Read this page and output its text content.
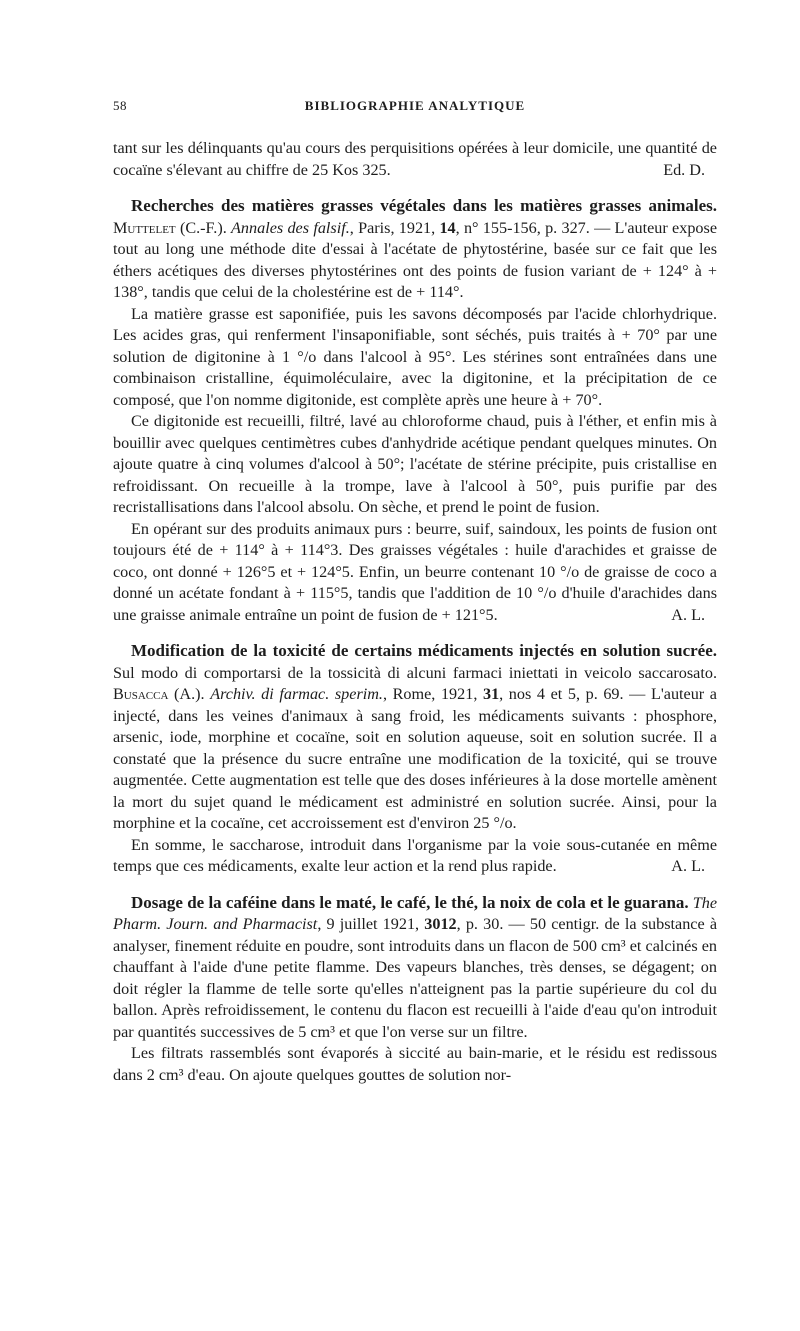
58	BIBLIOGRAPHIE ANALYTIQUE

tant sur les délinquants qu'au cours des perquisitions opérées à leur domicile, une quantité de cocaïne s'élevant au chiffre de 25 Kos 325.	Ed. D.

Recherches des matières grasses végétales dans les matières grasses animales. Muttelet (C.-F.). Annales des falsif., Paris, 1921, 14, n° 155-156, p. 327. — L'auteur expose tout au long une méthode dite d'essai à l'acétate de phytostérine, basée sur ce fait que les éthers acétiques des diverses phytostérines ont des points de fusion variant de + 124° à + 138°, tandis que celui de la cholestérine est de + 114°.

La matière grasse est saponifiée, puis les savons décomposés par l'acide chlorhydrique. Les acides gras, qui renferment l'insaponifiable, sont séchés, puis traités à + 70° par une solution de digitonine à 1 °/o dans l'alcool à 95°. Les stérines sont entraînées dans une combinaison cristalline, équimoléculaire, avec la digitonine, et la précipitation de ce composé, que l'on nomme digitonide, est complète après une heure à + 70°.

Ce digitonide est recueilli, filtré, lavé au chloroforme chaud, puis à l'éther, et enfin mis à bouillir avec quelques centimètres cubes d'anhydride acétique pendant quelques minutes. On ajoute quatre à cinq volumes d'alcool à 50°; l'acétate de stérine précipite, puis cristallise en refroidissant. On recueille à la trompe, lave à l'alcool à 50°, puis purifie par des recristallisations dans l'alcool absolu. On sèche, et prend le point de fusion.

En opérant sur des produits animaux purs : beurre, suif, saindoux, les points de fusion ont toujours été de + 114° à + 114°3. Des graisses végétales : huile d'arachides et graisse de coco, ont donné + 126°5 et + 124°5. Enfin, un beurre contenant 10 °/o de graisse de coco a donné un acétate fondant à + 115°5, tandis que l'addition de 10 °/o d'huile d'arachides dans une graisse animale entraîne un point de fusion de + 121°5.	A. L.

Modification de la toxicité de certains médicaments injectés en solution sucrée. Sul modo di comportarsi de la tossicità di alcuni farmaci iniettati in veicolo saccarosato. Busacca (A.). Archiv. di farmac. sperim., Rome, 1921, 31, nos 4 et 5, p. 69. — L'auteur a injecté, dans les veines d'animaux à sang froid, les médicaments suivants : phosphore, arsenic, iode, morphine et cocaïne, soit en solution aqueuse, soit en solution sucrée. Il a constaté que la présence du sucre entraîne une modification de la toxicité, qui se trouve augmentée. Cette augmentation est telle que des doses inférieures à la dose mortelle amènent la mort du sujet quand le médicament est administré en solution sucrée. Ainsi, pour la morphine et la cocaïne, cet accroissement est d'environ 25 °/o.

En somme, le saccharose, introduit dans l'organisme par la voie sous-cutanée en même temps que ces médicaments, exalte leur action et la rend plus rapide.	A. L.

Dosage de la caféine dans le maté, le café, le thé, la noix de cola et le guarana. The Pharm. Journ. and Pharmacist, 9 juillet 1921, 3012, p. 30. — 50 centigr. de la substance à analyser, finement réduite en poudre, sont introduits dans un flacon de 500 cm³ et calcinés en chauffant à l'aide d'une petite flamme. Des vapeurs blanches, très denses, se dégagent; on doit régler la flamme de telle sorte qu'elles n'atteignent pas la partie supérieure du col du ballon. Après refroidissement, le contenu du flacon est recueilli à l'aide d'eau qu'on introduit par quantités successives de 5 cm³ et que l'on verse sur un filtre.

Les filtrats rassemblés sont évaporés à siccité au bain-marie, et le résidu est redissous dans 2 cm³ d'eau. On ajoute quelques gouttes de solution nor-
